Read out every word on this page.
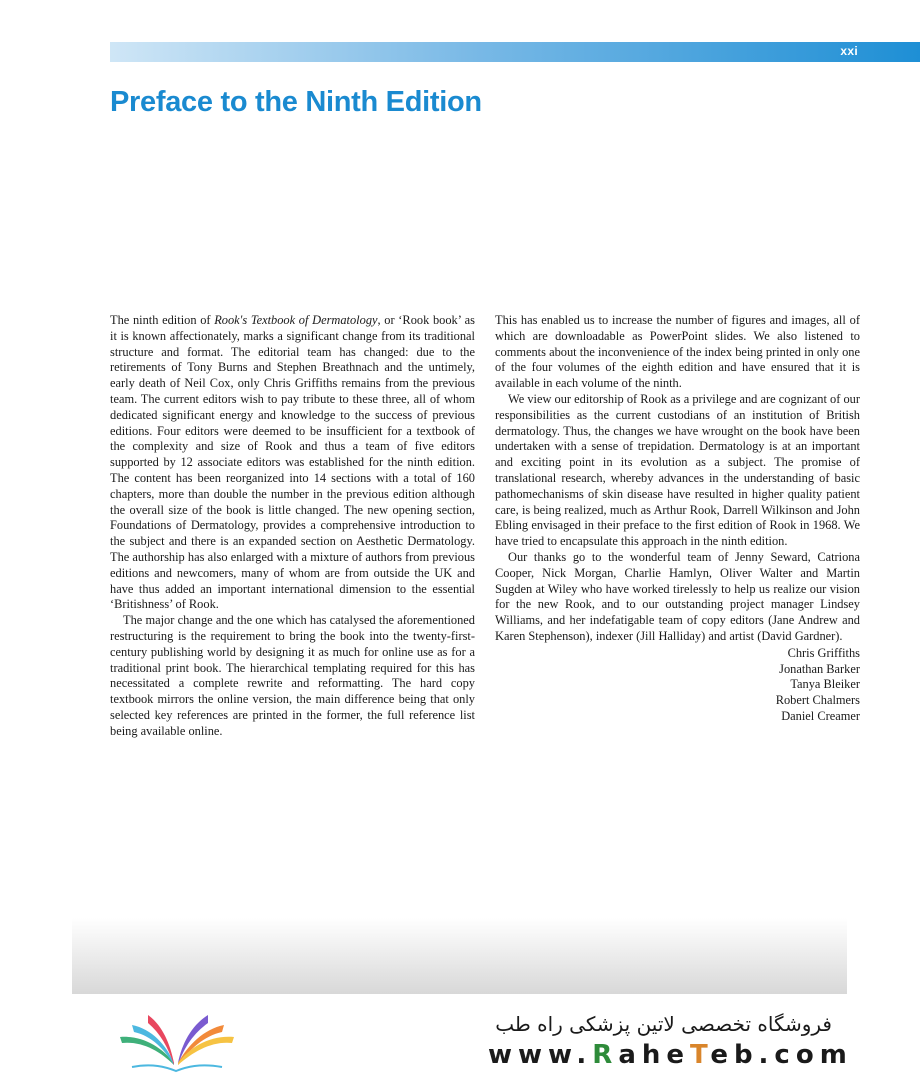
xxi
Preface to the Ninth Edition

The ninth edition of Rook's Textbook of Dermatology, or ‘Rook book’ as it is known affectionately, marks a significant change from its traditional structure and format. The editorial team has changed: due to the retirements of Tony Burns and Stephen Breathnach and the untimely, early death of Neil Cox, only Chris Griffiths remains from the previous team. The current editors wish to pay tribute to these three, all of whom dedicated significant energy and knowledge to the success of previous editions. Four editors were deemed to be insufficient for a textbook of the complexity and size of Rook and thus a team of five editors supported by 12 associate editors was established for the ninth edition. The content has been reorganized into 14 sections with a total of 160 chapters, more than double the number in the previous edition although the overall size of the book is little changed. The new opening section, Foundations of Dermatology, provides a comprehensive introduction to the subject and there is an expanded section on Aesthetic Dermatology. The authorship has also enlarged with a mixture of authors from previous editions and newcomers, many of whom are from outside the UK and have thus added an important international dimension to the essential ‘Britishness’ of Rook.

The major change and the one which has catalysed the aforementioned restructuring is the requirement to bring the book into the twenty-first-century publishing world by designing it as much for online use as for a traditional print book. The hierarchical templating required for this has necessitated a complete rewrite and reformatting. The hard copy textbook mirrors the online version, the main difference being that only selected key references are printed in the former, the full reference list being available online.

This has enabled us to increase the number of figures and images, all of which are downloadable as PowerPoint slides. We also listened to comments about the inconvenience of the index being printed in only one of the four volumes of the eighth edition and have ensured that it is available in each volume of the ninth.

We view our editorship of Rook as a privilege and are cognizant of our responsibilities as the current custodians of an institution of British dermatology. Thus, the changes we have wrought on the book have been undertaken with a sense of trepidation. Dermatology is at an important and exciting point in its evolution as a subject. The promise of translational research, whereby advances in the understanding of basic pathomechanisms of skin disease have resulted in higher quality patient care, is being realized, much as Arthur Rook, Darrell Wilkinson and John Ebling envisaged in their preface to the first edition of Rook in 1968. We have tried to encapsulate this approach in the ninth edition.

Our thanks go to the wonderful team of Jenny Seward, Catriona Cooper, Nick Morgan, Charlie Hamlyn, Oliver Walter and Martin Sugden at Wiley who have worked tirelessly to help us realize our vision for the new Rook, and to our outstanding project manager Lindsey Williams, and her indefatigable team of copy editors (Jane Andrew and Karen Stephenson), indexer (Jill Halliday) and artist (David Gardner).

Chris Griffiths
Jonathan Barker
Tanya Bleiker
Robert Chalmers
Daniel Creamer
فروشگاه تخصصی لاتین پزشکی راه طب
www.RaheTeb.com
